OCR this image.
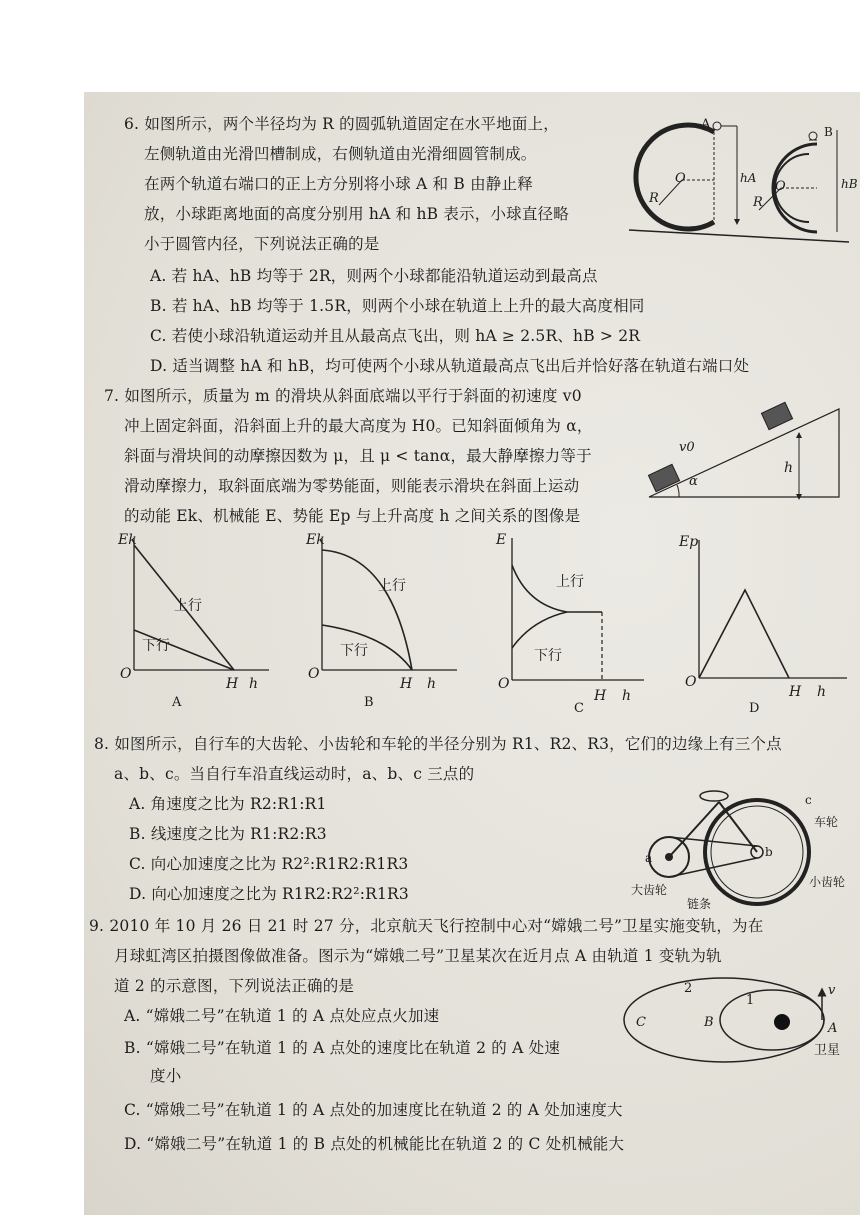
6. 如图所示，两个半径均为 R 的圆弧轨道固定在水平地面上，
左侧轨道由光滑凹槽制成，右侧轨道由光滑细圆管制成。
在两个轨道右端口的正上方分别将小球 A 和 B 由静止释
放，小球距离地面的高度分别用 hA 和 hB 表示，小球直径略
小于圆管内径，下列说法正确的是
A. 若 hA、hB 均等于 2R，则两个小球都能沿轨道运动到最高点
B. 若 hA、hB 均等于 1.5R，则两个小球在轨道上上升的最大高度相同
C. 若使小球沿轨道运动并且从最高点飞出，则 hA ≥ 2.5R、hB > 2R
D. 适当调整 hA 和 hB，均可使两个小球从轨道最高点飞出后并恰好落在轨道右端口处
A
O
R
hA
O
R
B
hB
7. 如图所示，质量为 m 的滑块从斜面底端以平行于斜面的初速度 v0
冲上固定斜面，沿斜面上升的最大高度为 H0。已知斜面倾角为 α，
斜面与滑块间的动摩擦因数为 μ，且 μ < tanα，最大静摩擦力等于
滑动摩擦力，取斜面底端为零势能面，则能表示滑块在斜面上运动
的动能 Ek、机械能 E、势能 Ep 与上升高度 h 之间关系的图像是
h
α
v0
Ek
上行
下行
O
H h
A
Ek
上行
下行
O
H h
B
E
上行
下行
O
H h
C
Ep
O
H h
D
8. 如图所示，自行车的大齿轮、小齿轮和车轮的半径分别为 R1、R2、R3，它们的边缘上有三个点
a、b、c。当自行车沿直线运动时，a、b、c 三点的
A. 角速度之比为 R2:R1:R1
B. 线速度之比为 R1:R2:R3
C. 向心加速度之比为 R2²:R1R2:R1R3
D. 向心加速度之比为 R1R2:R2²:R1R3
a	b
c
车轮
大齿轮
链条
小齿轮
9. 2010 年 10 月 26 日 21 时 27 分，北京航天飞行控制中心对“嫦娥二号”卫星实施变轨，为在
月球虹湾区拍摄图像做准备。图示为“嫦娥二号”卫星某次在近月点 A 由轨道 1 变轨为轨
道 2 的示意图，下列说法正确的是
A. “嫦娥二号”在轨道 1 的 A 点处应点火加速
B. “嫦娥二号”在轨道 1 的 A 点处的速度比在轨道 2 的 A 处速
度小
C. “嫦娥二号”在轨道 1 的 A 点处的加速度比在轨道 2 的 A 处加速度大
D. “嫦娥二号”在轨道 1 的 B 点处的机械能比在轨道 2 的 C 处机械能大
2
1
C	B	A
v
卫星
